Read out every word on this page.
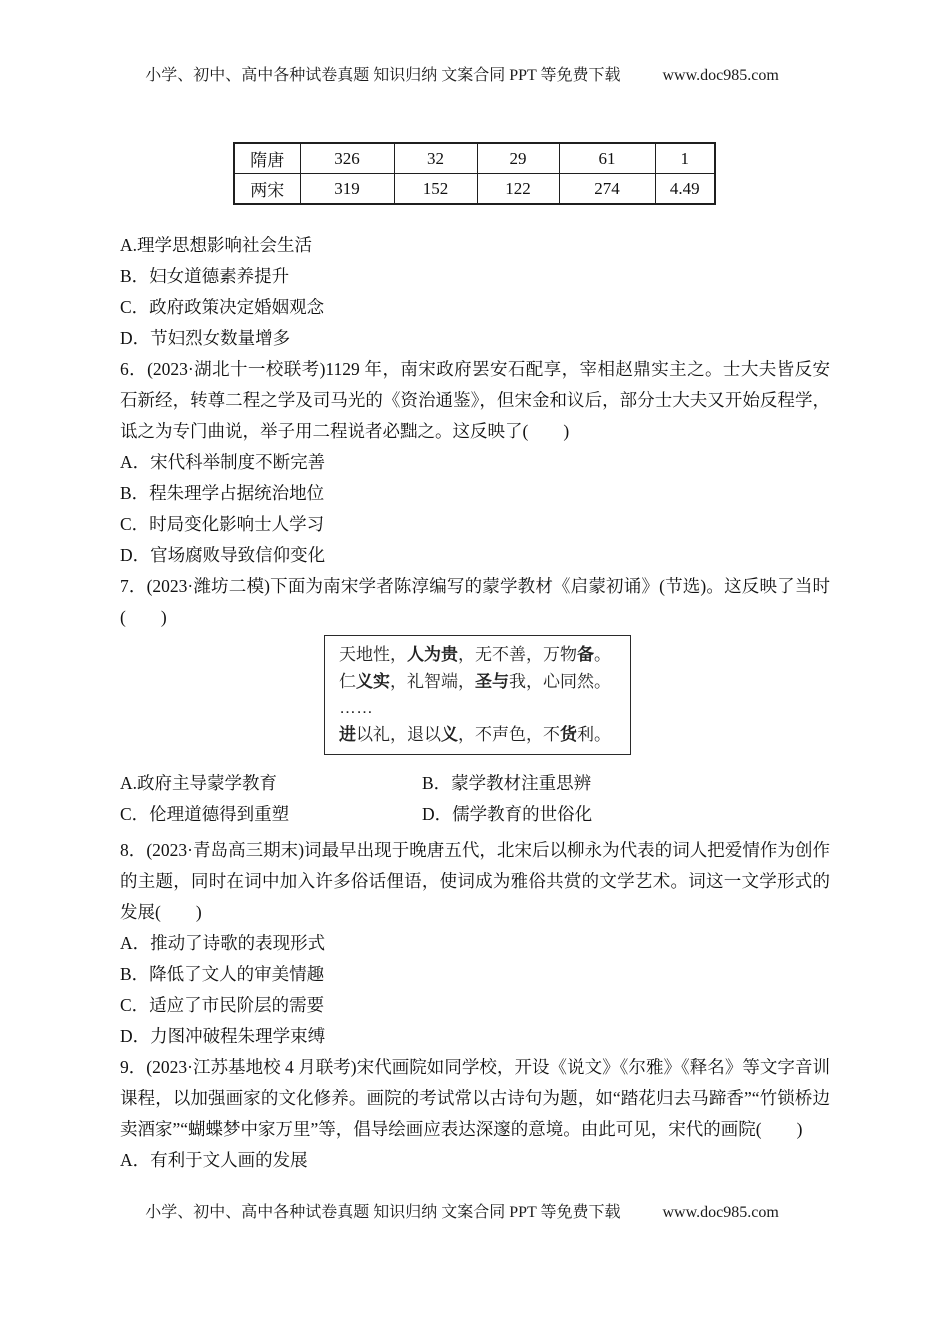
小学、初中、高中各种试卷真题 知识归纳 文案合同 PPT 等免费下载	www.doc985.com
隋唐	326	32	29	61	1
两宋	319	152	122	274	4.49

A.理学思想影响社会生活

B．妇女道德素养提升

C．政府政策决定婚姻观念

D．节妇烈女数量增多

6．(2023·湖北十一校联考)1129 年，南宋政府罢安石配享，宰相赵鼎实主之。士大夫皆反安石新经，转尊二程之学及司马光的《资治通鉴》，但宋金和议后，部分士大夫又开始反程学，诋之为专门曲说，举子用二程说者必黜之。这反映了(　　)

A．宋代科举制度不断完善

B．程朱理学占据统治地位

C．时局变化影响士人学习

D．官场腐败导致信仰变化

7．(2023·潍坊二模)下面为南宋学者陈淳编写的蒙学教材《启蒙初诵》(节选)。这反映了当时(　　)

天地性，人为贵，无不善，万物备。

仁义实，礼智端，圣与我，心同然。

……

进以礼，退以义，不声色，不货利。

A.政府主导蒙学教育	B．蒙学教材注重思辨

C．伦理道德得到重塑	D．儒学教育的世俗化

8．(2023·青岛高三期末)词最早出现于晚唐五代，北宋后以柳永为代表的词人把爱情作为创作的主题，同时在词中加入许多俗话俚语，使词成为雅俗共赏的文学艺术。词这一文学形式的发展(　　)

A．推动了诗歌的表现形式

B．降低了文人的审美情趣

C．适应了市民阶层的需要

D．力图冲破程朱理学束缚

9．(2023·江苏基地校 4 月联考)宋代画院如同学校，开设《说文》《尔雅》《释名》等文字音训课程，以加强画家的文化修养。画院的考试常以古诗句为题，如“踏花归去马蹄香”“竹锁桥边卖酒家”“蝴蝶梦中家万里”等，倡导绘画应表达深邃的意境。由此可见，宋代的画院(　　)

A．有利于文人画的发展

小学、初中、高中各种试卷真题 知识归纳 文案合同 PPT 等免费下载	www.doc985.com
